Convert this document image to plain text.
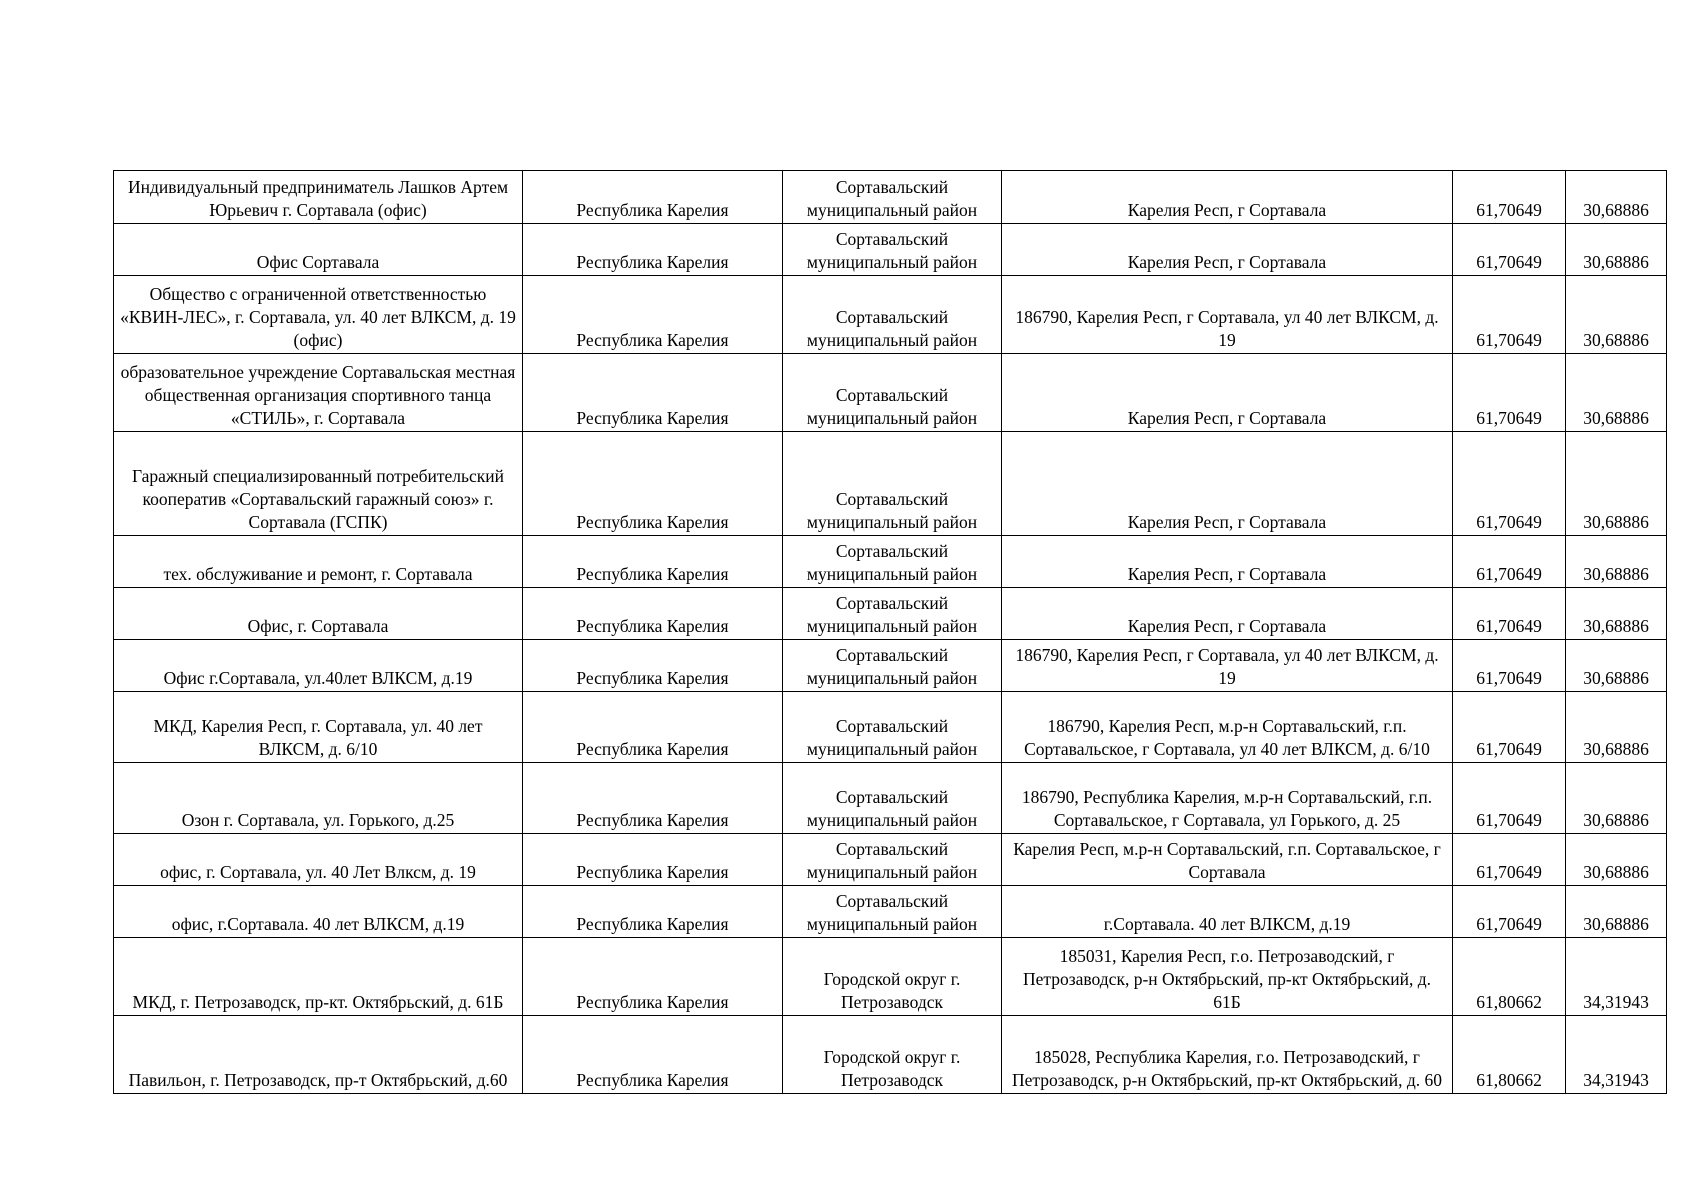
Индивидуальный предприниматель Лашков Артем Юрьевич г. Сортавала (офис)	Республика Карелия	Сортавальский муниципальный район	Карелия Респ, г Сортавала	61,70649	30,68886
Офис Сортавала	Республика Карелия	Сортавальский муниципальный район	Карелия Респ, г Сортавала	61,70649	30,68886
Общество с ограниченной ответственностью «КВИН-ЛЕС», г. Сортавала, ул. 40 лет ВЛКСМ, д. 19 (офис)	Республика Карелия	Сортавальский муниципальный район	186790, Карелия Респ, г Сортавала, ул 40 лет ВЛКСМ, д. 19	61,70649	30,68886
образовательное учреждение Сортавальская местная общественная организация спортивного танца «СТИЛЬ», г. Сортавала	Республика Карелия	Сортавальский муниципальный район	Карелия Респ, г Сортавала	61,70649	30,68886
Гаражный специализированный потребительский кооператив «Сортавальский гаражный союз» г. Сортавала (ГСПК)	Республика Карелия	Сортавальский муниципальный район	Карелия Респ, г Сортавала	61,70649	30,68886
тех. обслуживание и ремонт, г. Сортавала	Республика Карелия	Сортавальский муниципальный район	Карелия Респ, г Сортавала	61,70649	30,68886
Офис, г. Сортавала	Республика Карелия	Сортавальский муниципальный район	Карелия Респ, г Сортавала	61,70649	30,68886
Офис г.Сортавала, ул.40лет ВЛКСМ, д.19	Республика Карелия	Сортавальский муниципальный район	186790, Карелия Респ, г Сортавала, ул 40 лет ВЛКСМ, д. 19	61,70649	30,68886
МКД, Карелия Респ, г. Сортавала, ул. 40 лет ВЛКСМ, д. 6/10	Республика Карелия	Сортавальский муниципальный район	186790, Карелия Респ, м.р-н Сортавальский, г.п. Сортавальское, г Сортавала, ул 40 лет ВЛКСМ, д. 6/10	61,70649	30,68886
Озон г. Сортавала, ул. Горького, д.25	Республика Карелия	Сортавальский муниципальный район	186790, Республика Карелия, м.р-н Сортавальский, г.п. Сортавальское, г Сортавала, ул Горького, д. 25	61,70649	30,68886
офис, г. Сортавала, ул. 40 Лет Влксм, д. 19	Республика Карелия	Сортавальский муниципальный район	Карелия Респ, м.р-н Сортавальский, г.п. Сортавальское, г Сортавала	61,70649	30,68886
офис, г.Сортавала. 40 лет ВЛКСМ, д.19	Республика Карелия	Сортавальский муниципальный район	г.Сортавала. 40 лет ВЛКСМ, д.19	61,70649	30,68886
МКД, г. Петрозаводск, пр-кт. Октябрьский, д. 61Б	Республика Карелия	Городской округ г. Петрозаводск	185031, Карелия Респ, г.о. Петрозаводский, г Петрозаводск, р-н Октябрьский, пр-кт Октябрьский, д. 61Б	61,80662	34,31943
Павильон, г. Петрозаводск, пр-т Октябрьский, д.60	Республика Карелия	Городской округ г. Петрозаводск	185028, Республика Карелия, г.о. Петрозаводский, г Петрозаводск, р-н Октябрьский, пр-кт Октябрьский, д. 60	61,80662	34,31943
